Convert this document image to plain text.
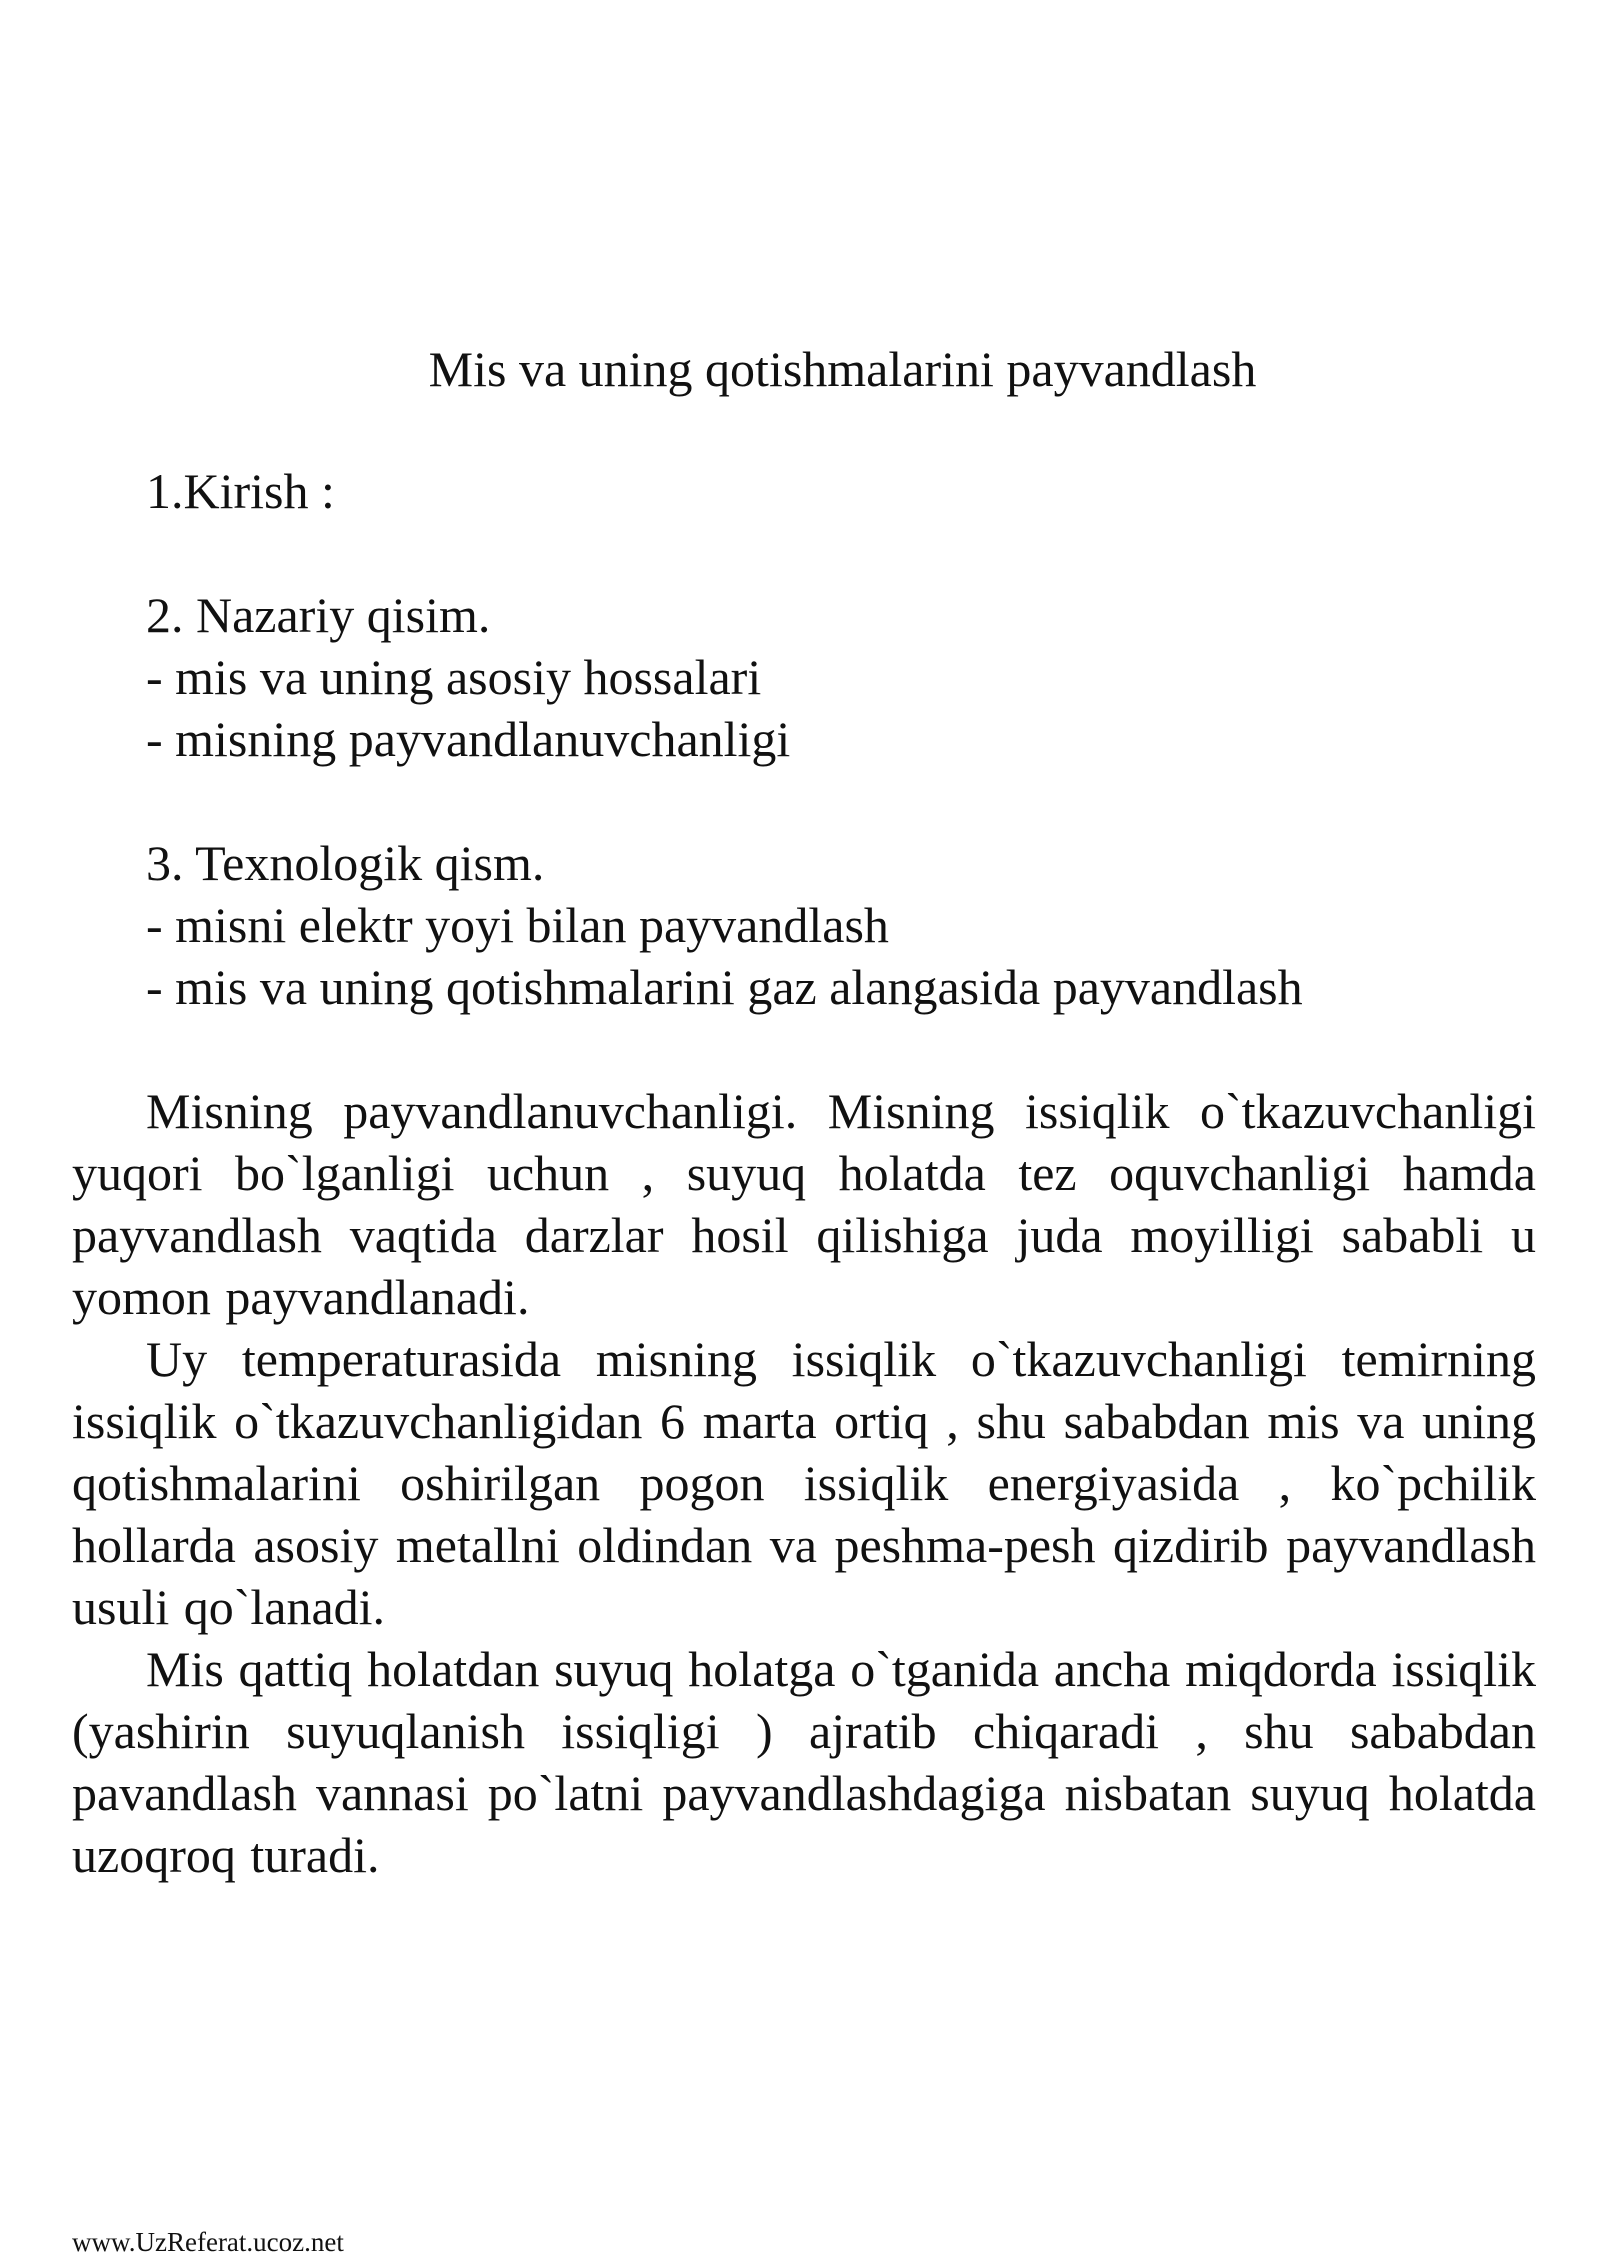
Mis va uning qotishmalarini payvandlash
1.Kirish :
2. Nazariy qisim.
- mis va uning asosiy hossalari
- misning payvandlanuvchanligi
3. Texnologik qism.
- misni elektr yoyi bilan payvandlash
- mis va uning qotishmalarini gaz alangasida payvandlash

Misning payvandlanuvchanligi. Misning issiqlik o`tkazuvchanligi yuqori bo`lganligi uchun , suyuq holatda tez oquvchanligi hamda payvandlash vaqtida darzlar hosil qilishiga juda moyilligi sababli u yomon payvandlanadi.

Uy temperaturasida misning issiqlik o`tkazuvchanligi temirning issiqlik o`tkazuvchanligidan 6 marta ortiq , shu sababdan mis va uning qotishmalarini oshirilgan pogon issiqlik energiyasida , ko`pchilik hollarda asosiy metallni oldindan va peshma-pesh qizdirib payvandlash usuli qo`lanadi.

Mis qattiq holatdan suyuq holatga o`tganida ancha miqdorda issiqlik (yashirin suyuqlanish issiqligi ) ajratib chiqaradi , shu sababdan pavandlash vannasi po`latni payvandlashdagiga nisbatan suyuq holatda uzoqroq turadi.

www.UzReferat.ucoz.net
